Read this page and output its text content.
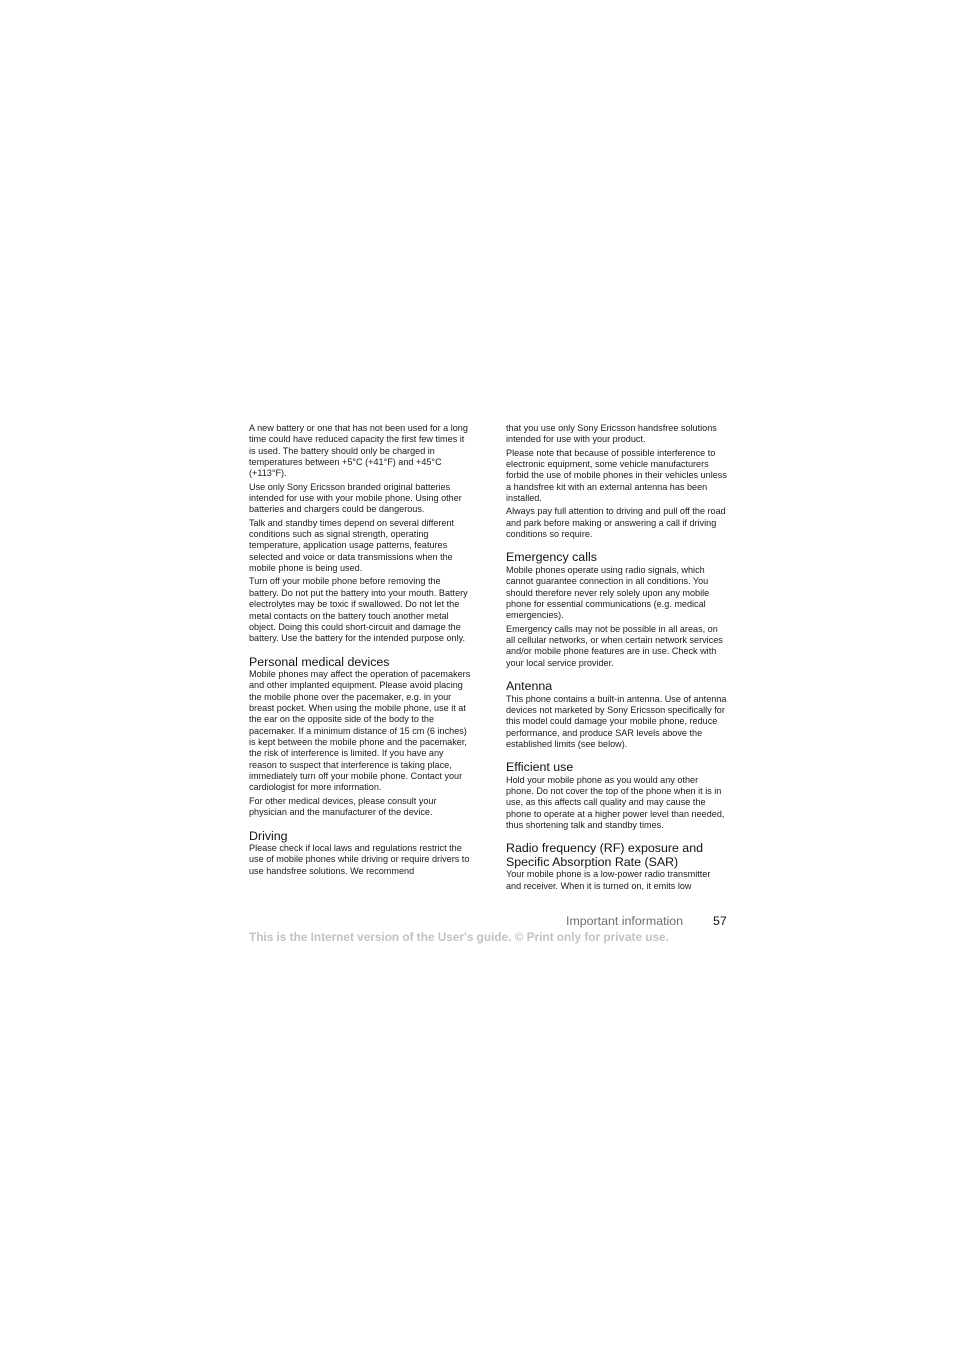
A new battery or one that has not been used for a long time could have reduced capacity the first few times it is used. The battery should only be charged in temperatures between +5°C (+41°F) and +45°C (+113°F).

Use only Sony Ericsson branded original batteries intended for use with your mobile phone. Using other batteries and chargers could be dangerous.

Talk and standby times depend on several different conditions such as signal strength, operating temperature, application usage patterns, features selected and voice or data transmissions when the mobile phone is being used.

Turn off your mobile phone before removing the battery. Do not put the battery into your mouth. Battery electrolytes may be toxic if swallowed. Do not let the metal contacts on the battery touch another metal object. Doing this could short-circuit and damage the battery. Use the battery for the intended purpose only.

Personal medical devices

Mobile phones may affect the operation of pacemakers and other implanted equipment. Please avoid placing the mobile phone over the pacemaker, e.g. in your breast pocket. When using the mobile phone, use it at the ear on the opposite side of the body to the pacemaker. If a minimum distance of 15 cm (6 inches) is kept between the mobile phone and the pacemaker, the risk of interference is limited. If you have any reason to suspect that interference is taking place, immediately turn off your mobile phone. Contact your cardiologist for more information.

For other medical devices, please consult your physician and the manufacturer of the device.

Driving

Please check if local laws and regulations restrict the use of mobile phones while driving or require drivers to use handsfree solutions. We recommend

that you use only Sony Ericsson handsfree solutions intended for use with your product.

Please note that because of possible interference to electronic equipment, some vehicle manufacturers forbid the use of mobile phones in their vehicles unless a handsfree kit with an external antenna has been installed.

Always pay full attention to driving and pull off the road and park before making or answering a call if driving conditions so require.

Emergency calls

Mobile phones operate using radio signals, which cannot guarantee connection in all conditions. You should therefore never rely solely upon any mobile phone for essential communications (e.g. medical emergencies).

Emergency calls may not be possible in all areas, on all cellular networks, or when certain network services and/or mobile phone features are in use. Check with your local service provider.

Antenna

This phone contains a built-in antenna. Use of antenna devices not marketed by Sony Ericsson specifically for this model could damage your mobile phone, reduce performance, and produce SAR levels above the established limits (see below).

Efficient use

Hold your mobile phone as you would any other phone. Do not cover the top of the phone when it is in use, as this affects call quality and may cause the phone to operate at a higher power level than needed, thus shortening talk and standby times.

Radio frequency (RF) exposure and Specific Absorption Rate (SAR)

Your mobile phone is a low-power radio transmitter and receiver. When it is turned on, it emits low

Important information 57
This is the Internet version of the User's guide. © Print only for private use.
